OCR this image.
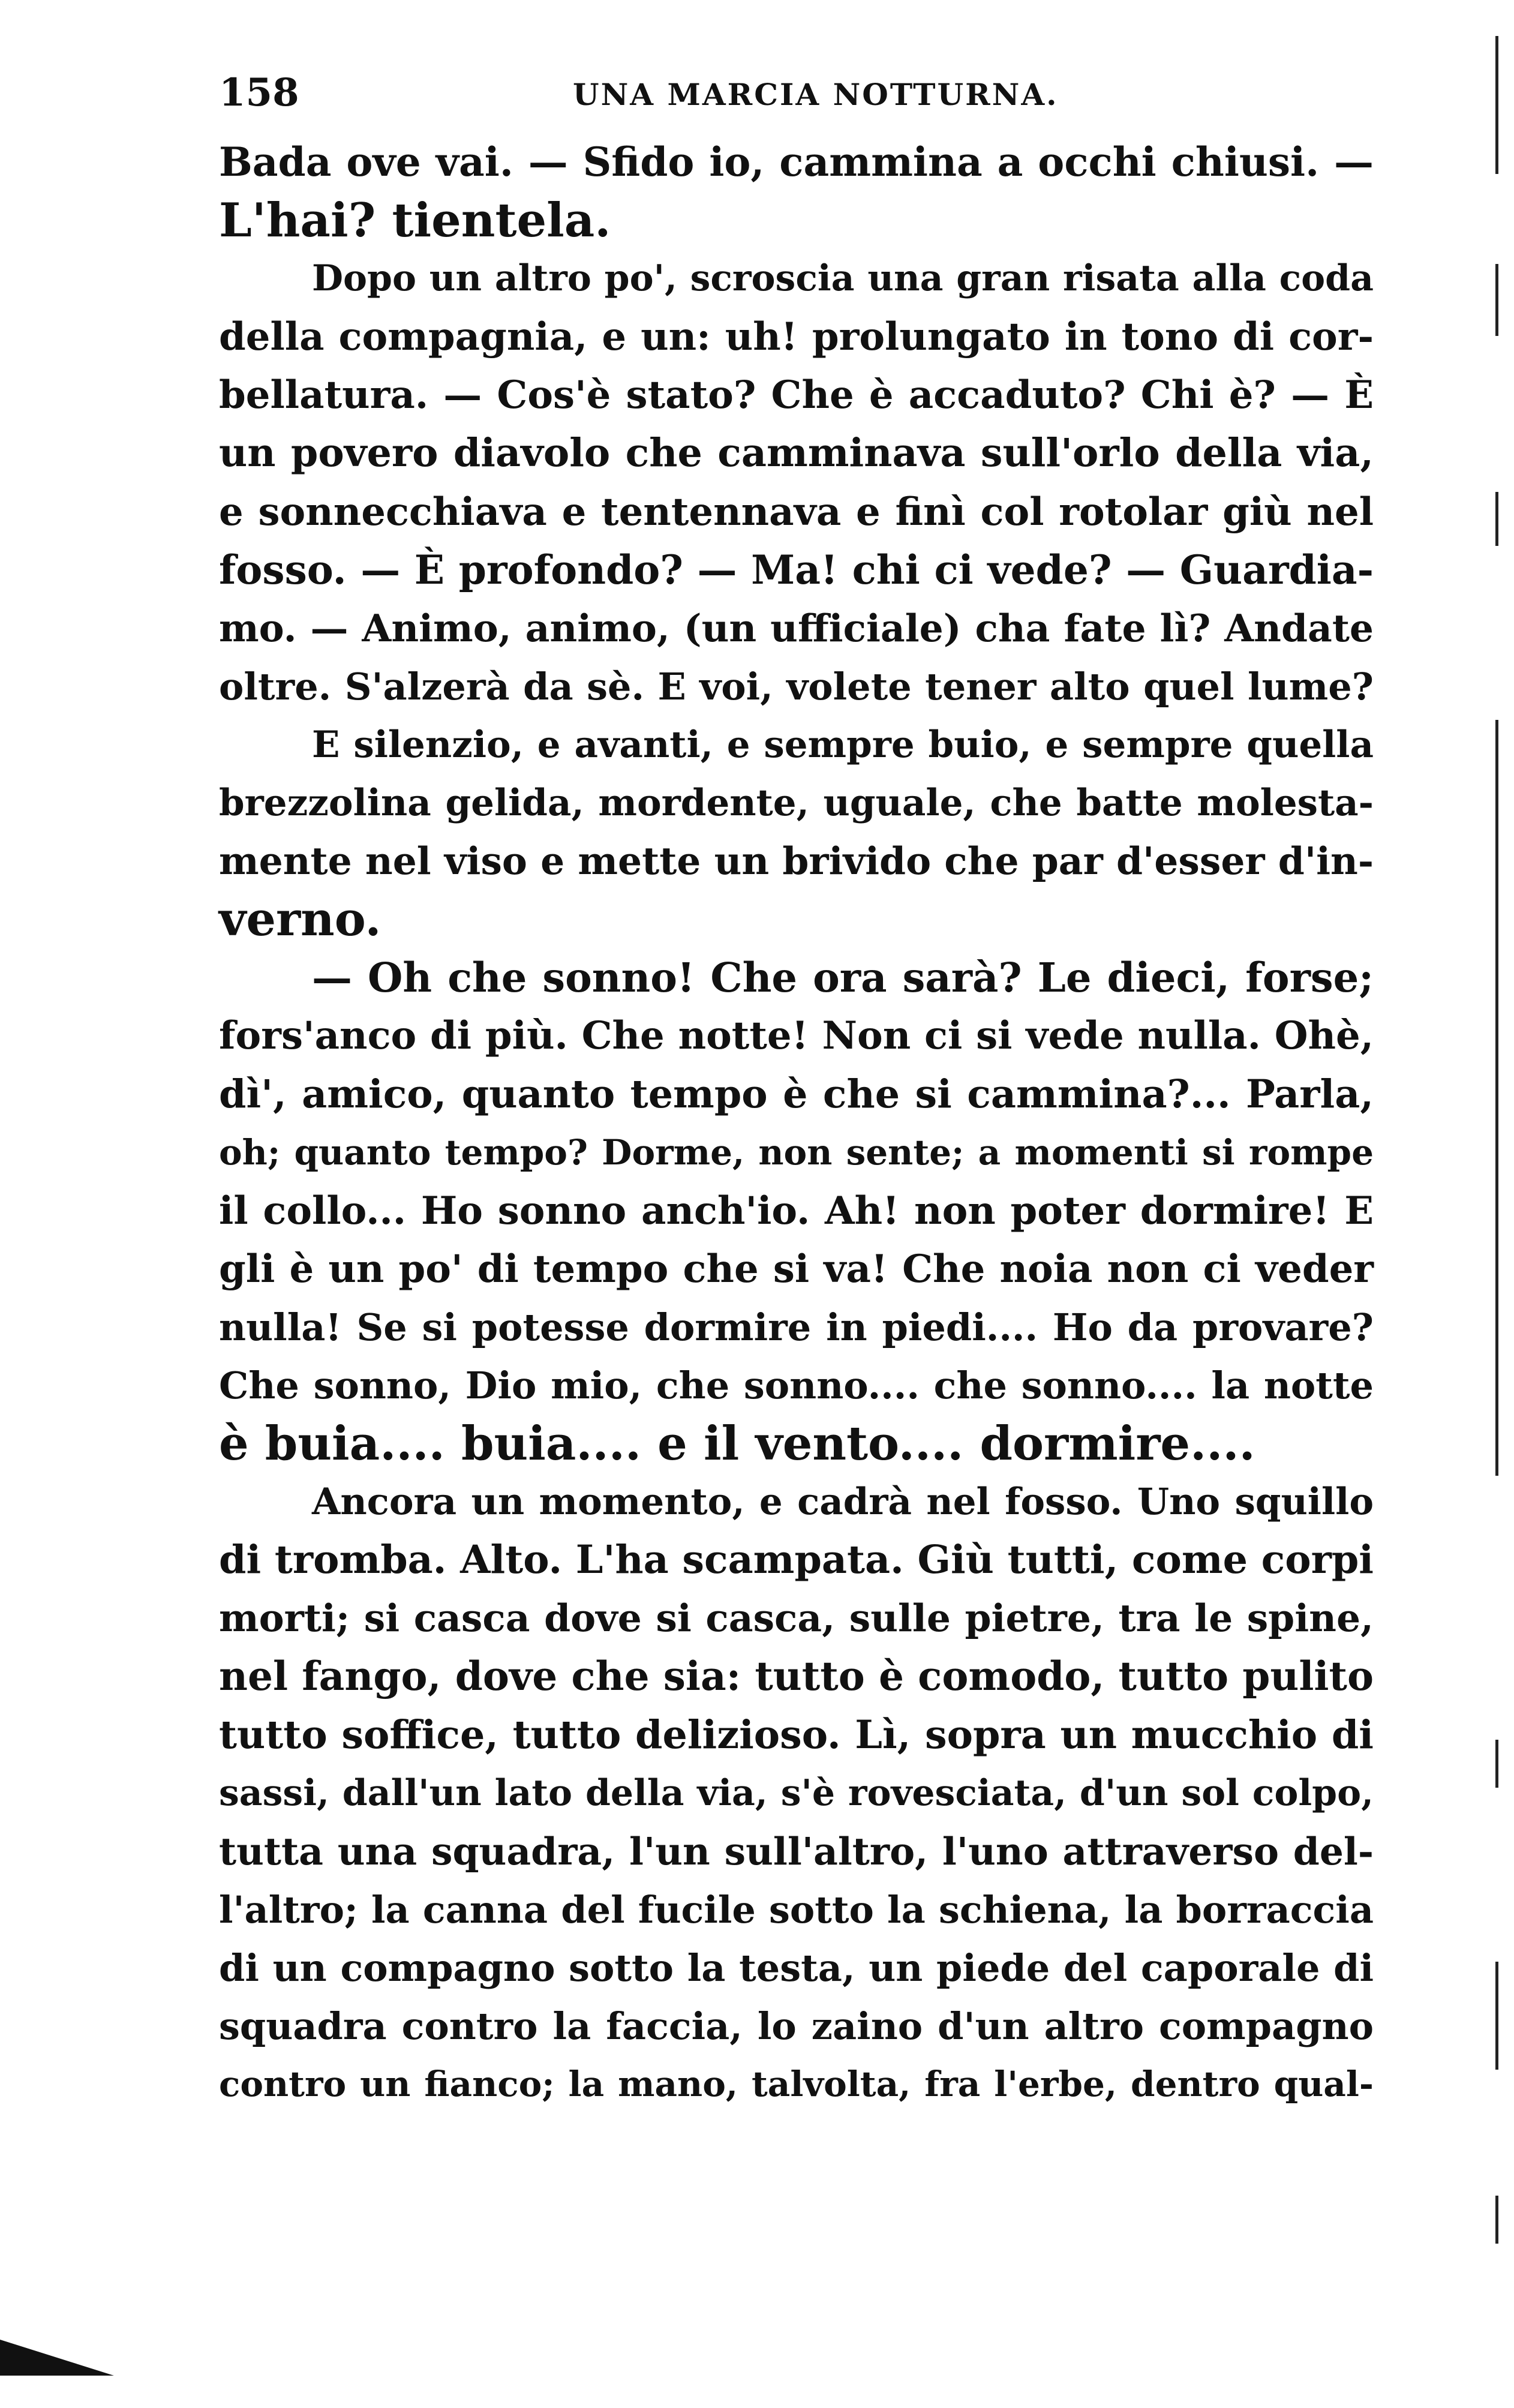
158	UNA MARCIA NOTTURNA.
Bada ove vai. — Sfido io, cammina a occhi chiusi. —
L'hai? tientela.
Dopo un altro po', scroscia una gran risata alla coda
della compagnia, e un: uh! prolungato in tono di cor-
bellatura. — Cos'è stato? Che è accaduto? Chi è? — È
un povero diavolo che camminava sull'orlo della via,
e sonnecchiava e tentennava e finì col rotolar giù nel
fosso. — È profondo? — Ma! chi ci vede? — Guardia-
mo. — Animo, animo, (un ufficiale) cha fate lì? Andate
oltre. S'alzerà da sè. E voi, volete tener alto quel lume?
E silenzio, e avanti, e sempre buio, e sempre quella
brezzolina gelida, mordente, uguale, che batte molesta-
mente nel viso e mette un brivido che par d'esser d'in-
verno.
— Oh che sonno! Che ora sarà? Le dieci, forse;
fors'anco di più. Che notte! Non ci si vede nulla. Ohè,
dì', amico, quanto tempo è che si cammina?... Parla,
oh; quanto tempo? Dorme, non sente; a momenti si rompe
il collo... Ho sonno anch'io. Ah! non poter dormire! E
gli è un po' di tempo che si va! Che noia non ci veder
nulla! Se si potesse dormire in piedi.... Ho da provare?
Che sonno, Dio mio, che sonno.... che sonno.... la notte
è buia.... buia.... e il vento.... dormire....
Ancora un momento, e cadrà nel fosso. Uno squillo
di tromba. Alto. L'ha scampata. Giù tutti, come corpi
morti; si casca dove si casca, sulle pietre, tra le spine,
nel fango, dove che sia: tutto è comodo, tutto pulito
tutto soffice, tutto delizioso. Lì, sopra un mucchio di
sassi, dall'un lato della via, s'è rovesciata, d'un sol colpo,
tutta una squadra, l'un sull'altro, l'uno attraverso del-
l'altro; la canna del fucile sotto la schiena, la borraccia
di un compagno sotto la testa, un piede del caporale di
squadra contro la faccia, lo zaino d'un altro compagno
contro un fianco; la mano, talvolta, fra l'erbe, dentro qual-
